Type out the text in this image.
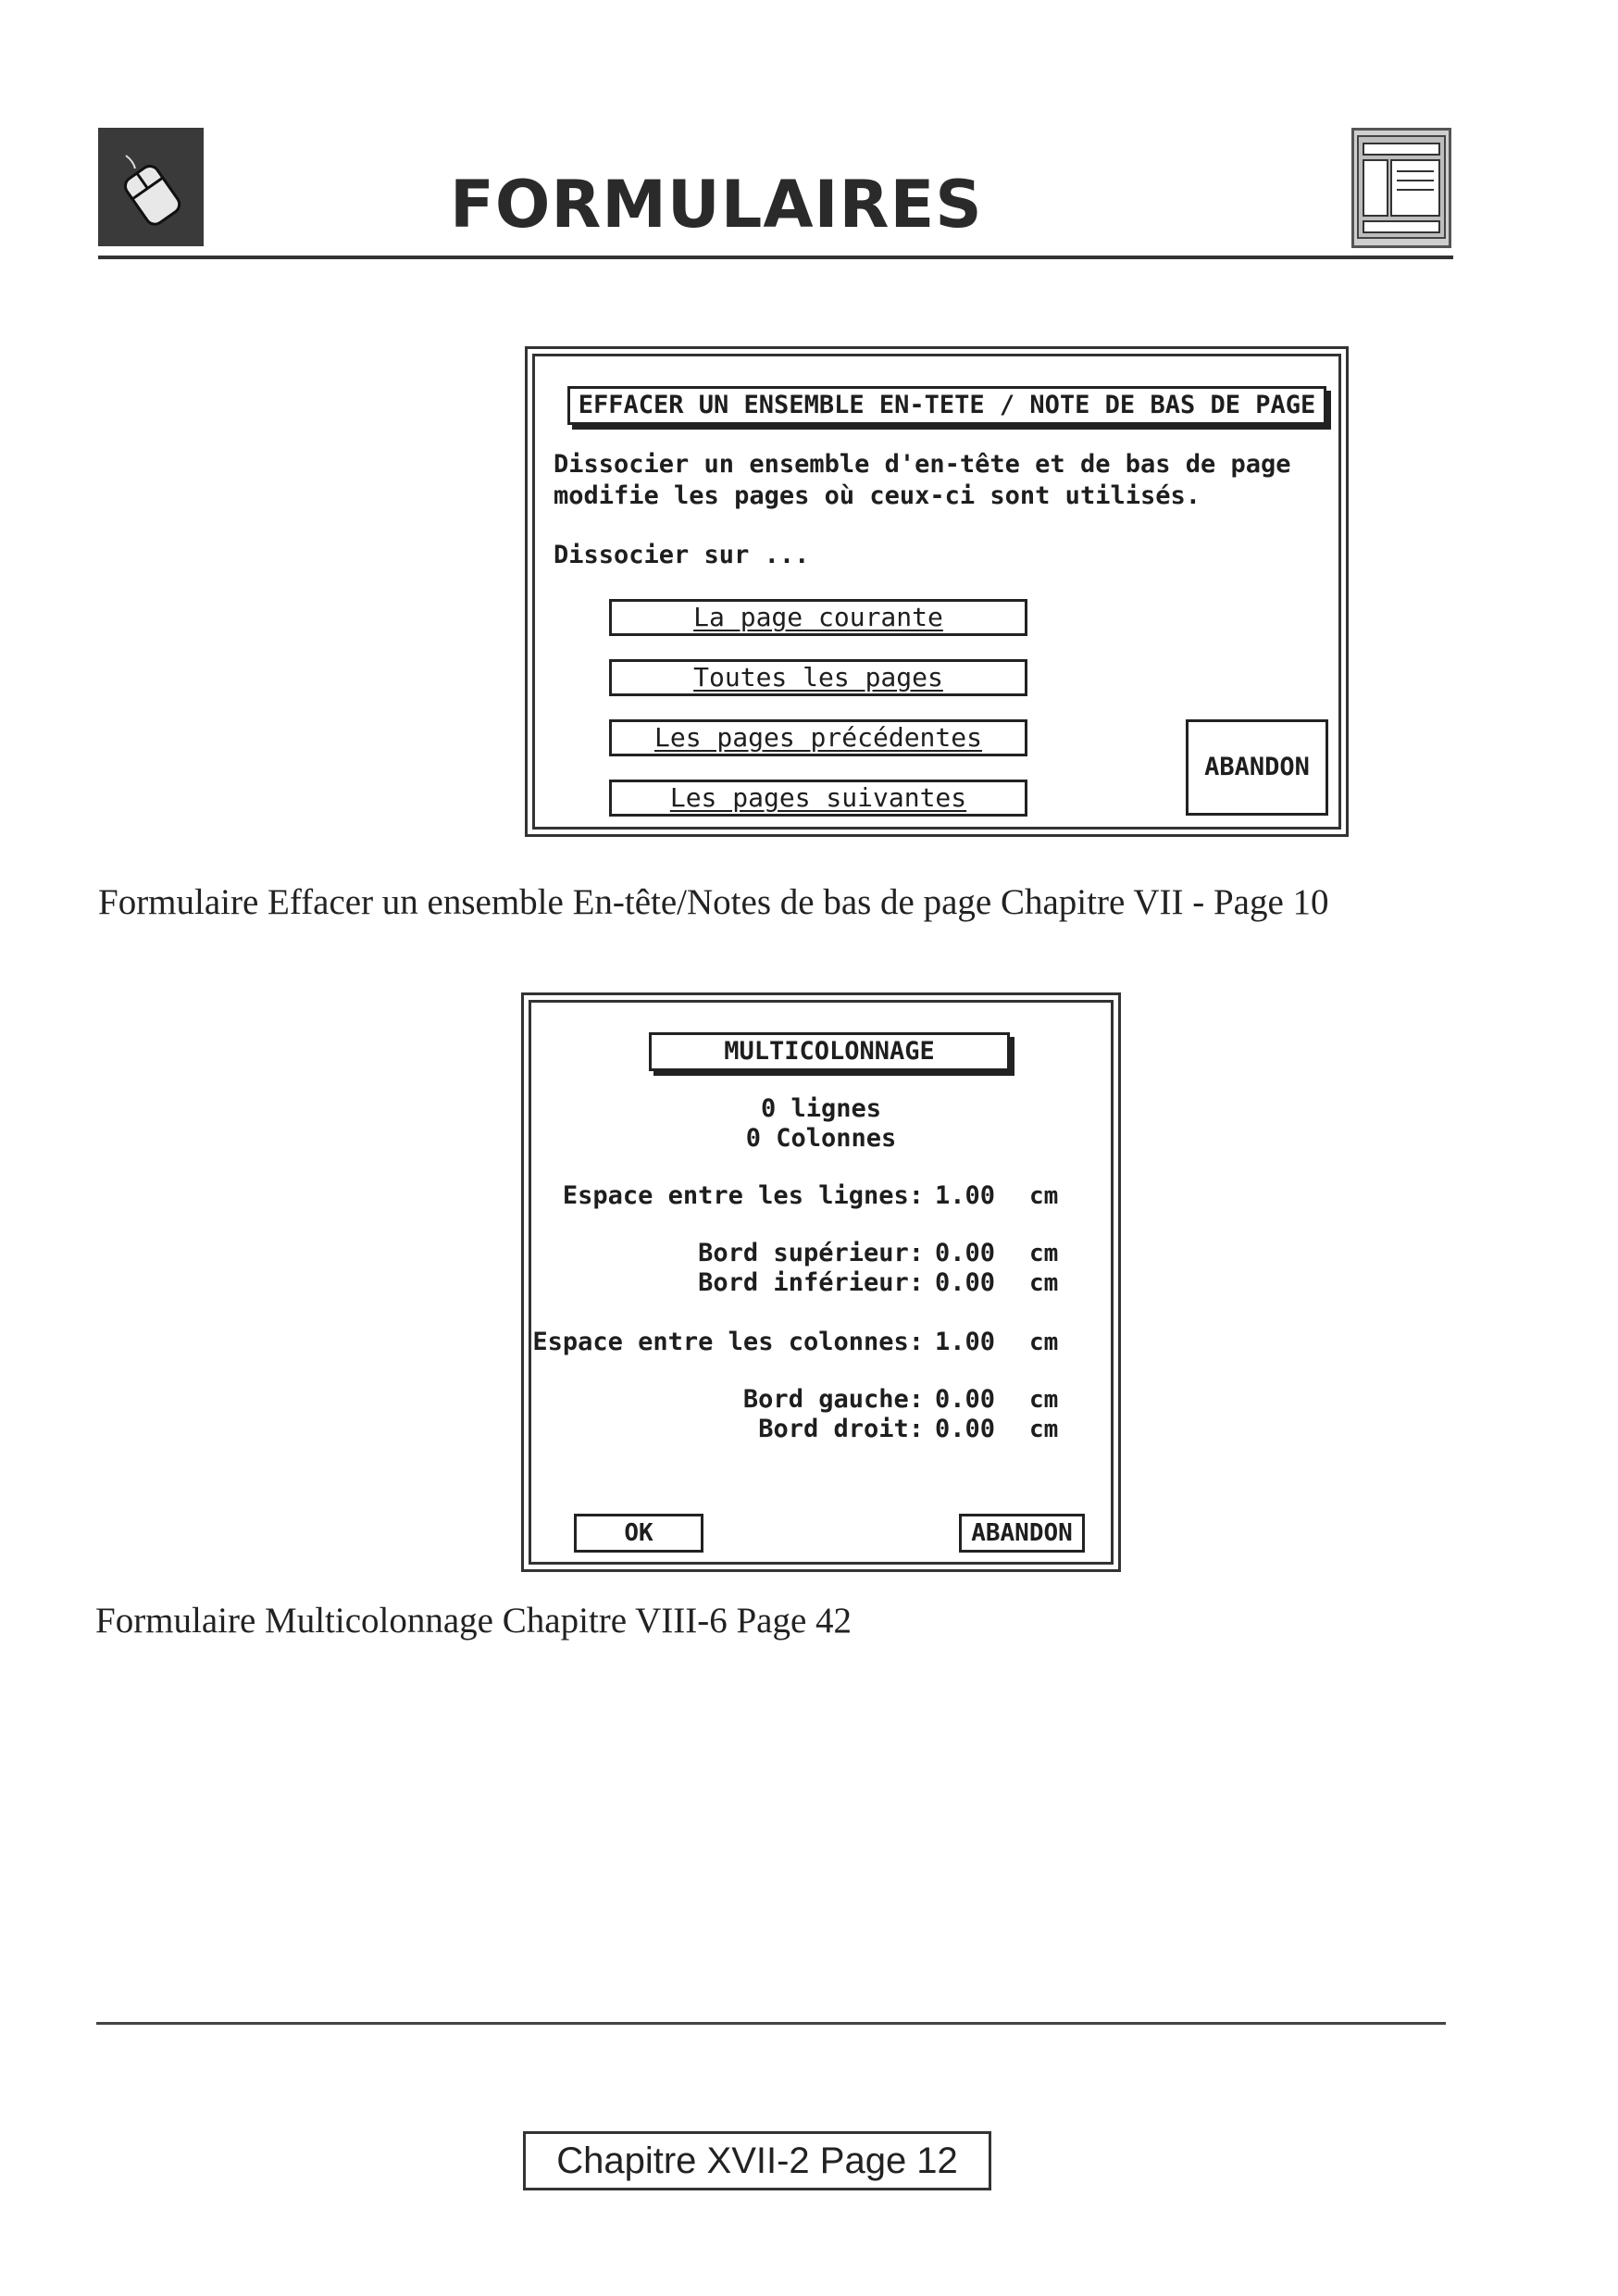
FORMULAIRES
EFFACER UN ENSEMBLE EN-TETE / NOTE DE BAS DE PAGE
Dissocier un ensemble d'en-tête et de bas de page
modifie les pages où ceux-ci sont utilisés.
Dissocier sur ...
La page courante
Toutes les pages
Les pages précédentes
Les pages suivantes
ABANDON
Formulaire Effacer un ensemble En-tête/Notes de bas de page Chapitre VII - Page 10
MULTICOLONNAGE
0 lignes
0 Colonnes
Espace entre les lignes: 1.00 cm
Bord supérieur: 0.00 cm
Bord inférieur: 0.00 cm
Espace entre les colonnes: 1.00 cm
Bord gauche: 0.00 cm
Bord droit: 0.00 cm
OK	ABANDON
Formulaire Multicolonnage Chapitre VIII-6 Page 42
Chapitre XVII-2 Page 12
